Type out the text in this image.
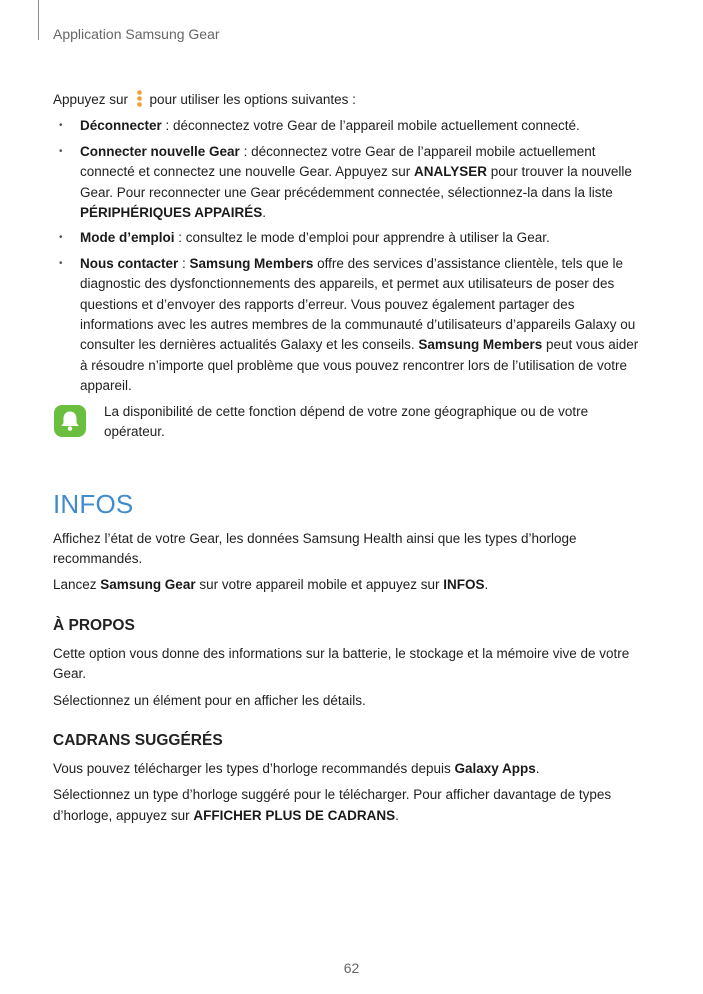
Application Samsung Gear

Appuyez sur  pour utiliser les options suivantes :

• Déconnecter : déconnectez votre Gear de l’appareil mobile actuellement connecté.
• Connecter nouvelle Gear : déconnectez votre Gear de l’appareil mobile actuellement connecté et connectez une nouvelle Gear. Appuyez sur ANALYSER pour trouver la nouvelle Gear. Pour reconnecter une Gear précédemment connectée, sélectionnez-la dans la liste PÉRIPHÉRIQUES APPAIRÉS.
• Mode d’emploi : consultez le mode d’emploi pour apprendre à utiliser la Gear.
• Nous contacter : Samsung Members offre des services d’assistance clientèle, tels que le diagnostic des dysfonctionnements des appareils, et permet aux utilisateurs de poser des questions et d’envoyer des rapports d’erreur. Vous pouvez également partager des informations avec les autres membres de la communauté d’utilisateurs d’appareils Galaxy ou consulter les dernières actualités Galaxy et les conseils. Samsung Members peut vous aider à résoudre n’importe quel problème que vous pouvez rencontrer lors de l’utilisation de votre appareil.

La disponibilité de cette fonction dépend de votre zone géographique ou de votre opérateur.

INFOS

Affichez l’état de votre Gear, les données Samsung Health ainsi que les types d’horloge recommandés.

Lancez Samsung Gear sur votre appareil mobile et appuyez sur INFOS.

À PROPOS

Cette option vous donne des informations sur la batterie, le stockage et la mémoire vive de votre Gear.

Sélectionnez un élément pour en afficher les détails.

CADRANS SUGGÉRÉS

Vous pouvez télécharger les types d’horloge recommandés depuis Galaxy Apps.

Sélectionnez un type d’horloge suggéré pour le télécharger. Pour afficher davantage de types d’horloge, appuyez sur AFFICHER PLUS DE CADRANS.

62
